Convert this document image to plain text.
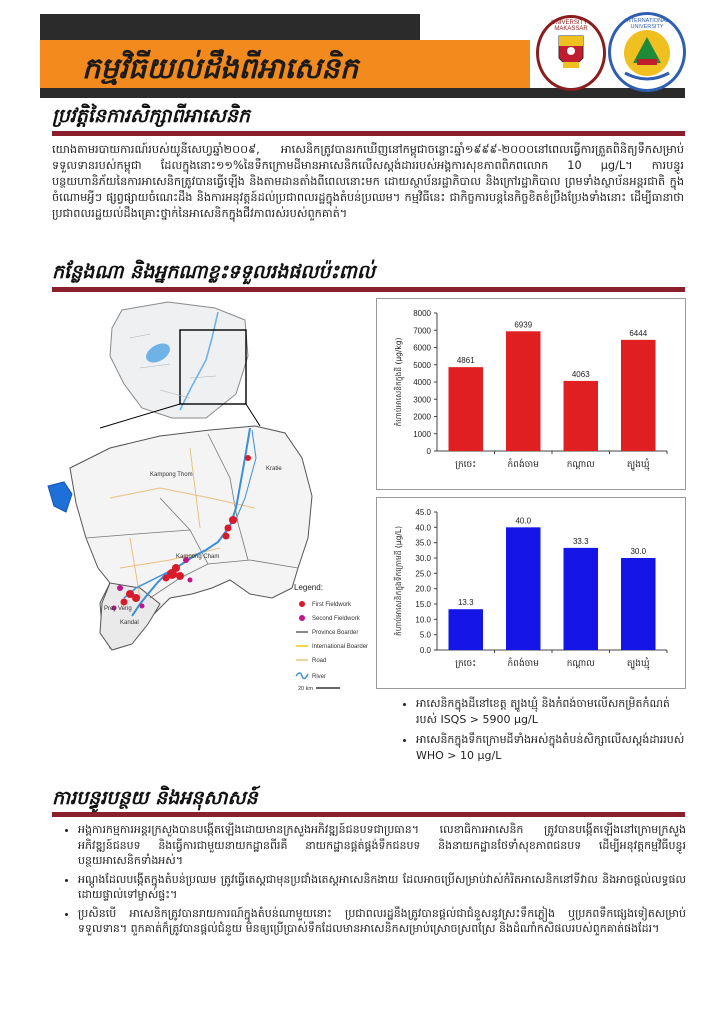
កម្មវិធីយល់ដឹងពីអាសេនិក
UNIVERSITY · MAKASSAR
INTERNATIONAL UNIVERSITY
ប្រវត្តិនៃការសិក្សាពីអាសេនិក
យោងតាមរបាយការណ៍របស់យូនីសេហ្វឆ្នាំ២០០៩, អាសេនិកត្រូវបានរកឃើញនៅកម្ពុជាចន្លោះឆ្នាំ១៩៩៩-២០០០នៅពេលធ្វើការត្រួតពិនិត្យទឹកសម្រាប់ទទួលទានរបស់កម្ពុជា ដែលក្នុងនោះ១១%នៃទឹកក្រោមដីមានអាសេនិកលើសស្តង់ដាររបស់អង្គការសុខភាពពិភពលោក 10 μg/L។ ការបន្ធូរបន្ថយហានិភ័យនៃការអាសេនិកត្រូវបានធ្វើឡើង និងតាមដានតាំងពីពេលនោះមក ដោយស្ថាប័នរដ្ឋាភិបាល និងក្រៅរដ្ឋាភិបាល ព្រមទាំងស្ថាប័នអន្តរជាតិ ក្នុងចំណោមអ្វីៗ ផ្សព្វផ្សាយចំណេះដឹង និងការអនុវត្តន៍ដល់ប្រជាពលរដ្ឋក្នុងតំបន់ប្រឈម។ កម្មវិធីនេះ ជាកិច្ចការបន្តនៃកិច្ចខិតខំប្រឹងប្រែងទាំងនោះ ដើម្បីធានាថាប្រជាពលរដ្ឋយល់ដឹងគ្រោះថ្នាក់នៃអាសេនិកក្នុងជីវភាពរស់របស់ពួកគាត់។
កន្លែងណា និងអ្នកណាខ្លះទទួលរងផលប៉ះពាល់
Kampong Thom
Kratie
Kampong Cham
Prey Veng
Kandal
Legend:
First Fieldwork
Second Fieldwork
Province Boarder
International Boarder
Road
River
20 km
0
1000
2000
3000
4000
5000
6000
7000
8000
កំហាប់អាសេនិកក្នុងដី (μg/kg)	4861
ក្រចេះ
6939
កំពង់ចាម
4063
កណ្តាល
6444
ត្បូងឃ្មុំ
0.0
5.0
10.0
15.0
20.0
25.0
30.0
35.0
40.0
45.0
កំហាប់អាសេនិកក្នុងទឹកក្រោមដី (μg/L)	13.3
ក្រចេះ
40.0
កំពង់ចាម
33.3
កណ្តាល
30.0
ត្បូងឃ្មុំ
• អាសេនិកក្នុងដីនៅខេត្ត ត្បូងឃ្មុំ និងកំពង់ចាមលើសកម្រិតកំណត់របស់ ISQS > 5900 μg/L
• អាសេនិកក្នុងទឹកក្រោមដីទាំងអស់ក្នុងតំបន់សិក្សាលើសស្តង់ដាររបស់ WHO > 10 μg/L
ការបន្ធូរបន្ថយ និងអនុសាសន៍
• អង្គការកម្មការអន្តរក្រសួងបានបង្កើតឡើងដោយមានក្រសួងអភិវឌ្ឍន៍ជនបទជាប្រធាន។ លេខាធិការអាសេនិក ត្រូវបានបង្កើតឡើងនៅក្រោមក្រសួងអភិវឌ្ឍន៍ជនបទ និងធ្វើការជាមួយនាយកដ្ឋានពីរគឺ នាយកដ្ឋានផ្គត់ផ្គង់ទឹកជនបទ និងនាយកដ្ឋានថែទាំសុខភាពជនបទ ដើម្បីអនុវត្តកម្មវិធីបន្ធូរបន្ថយអាសេនិកទាំងអស់។
• អណ្តូងដែលបង្កើតក្នុងតំបន់ប្រឈម ត្រូវធ្វើតេស្តជាមុនប្រជាំងតេស្តអាសេនិកងាយ ដែលអាចប្រើសម្រាប់វាស់កំរិតអាសេនិកនៅទីវាល និងអាចផ្តល់លទ្ធផលដោយផ្ទាល់ទៅម្ចាស់ផ្ទះ។
• ប្រសិនបើ អាសេនិកត្រូវបានរាយការណ៍ក្នុងតំបន់ណាមួយនោះ ប្រជាពលរដ្ឋនឹងត្រូវបានផ្តល់ជាជំនួសនូវស្រះទឹកភ្លៀង ឬប្រភពទឹកផ្សេងទៀតសម្រាប់ទទួលទាន។ ពួកគាត់ក៏ត្រូវបានផ្តល់ជំនួយ មិនឲ្យប្រើប្រាស់ទឹកដែលមានអាសេនិកសម្រាប់ស្រោចស្រពស្រែ និងដំណាំកសិផលរបស់ពួកគាត់ផងដែរ។
